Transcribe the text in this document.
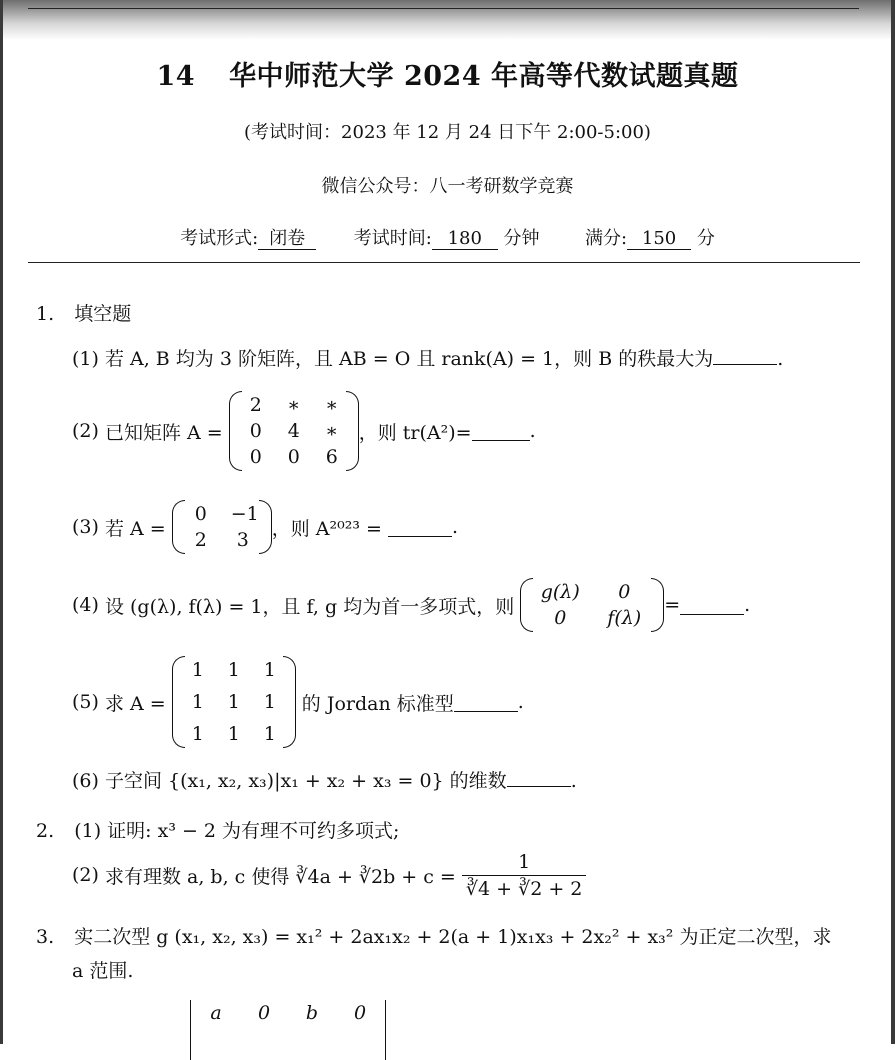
14 华中师范大学 2024 年高等代数试题真题
(考试时间：2023 年 12 月 24 日下午 2:00-5:00)
微信公众号：八一考研数学竞赛
考试形式: 闭卷	考试时间: 180 分钟	满分: 150 分
1. 填空题
(1) 若 A, B 均为 3 阶矩阵，且 AB = O 且 rank(A) = 1，则 B 的秩最大为	.
(2)
已知矩阵 A =

2 ∗ ∗
0 4 ∗
0 0 6
，则 tr(A²)=	.
(3)
若 A =

0	−1
2	3
，则 A²⁰²³ =
	.
(4)
设 (g(λ), f(λ) = 1，且 f, g 均为首一多项式，则

g(λ)	0
0	f(λ)
=	.
(5)
求 A =

1 1 1
1 1 1
1 1 1

的 Jordan 标准型	.
(6) 子空间 {(x₁, x₂, x₃)|x₁ + x₂ + x₃ = 0} 的维数	.
2. (1) 证明: x³ − 2 为有理不可约多项式;
(2)
求有理数 a, b, c 使得 ∛4a + ∛2b + c =
$\frac{1}{∛4 + ∛2 + 2}$
3. 实二次型 g (x₁, x₂, x₃) = x₁² + 2ax₁x₂ + 2(a + 1)x₁x₃ + 2x₂² + x₃² 为正定二次型，求
a 范围.
a	0	b	0
